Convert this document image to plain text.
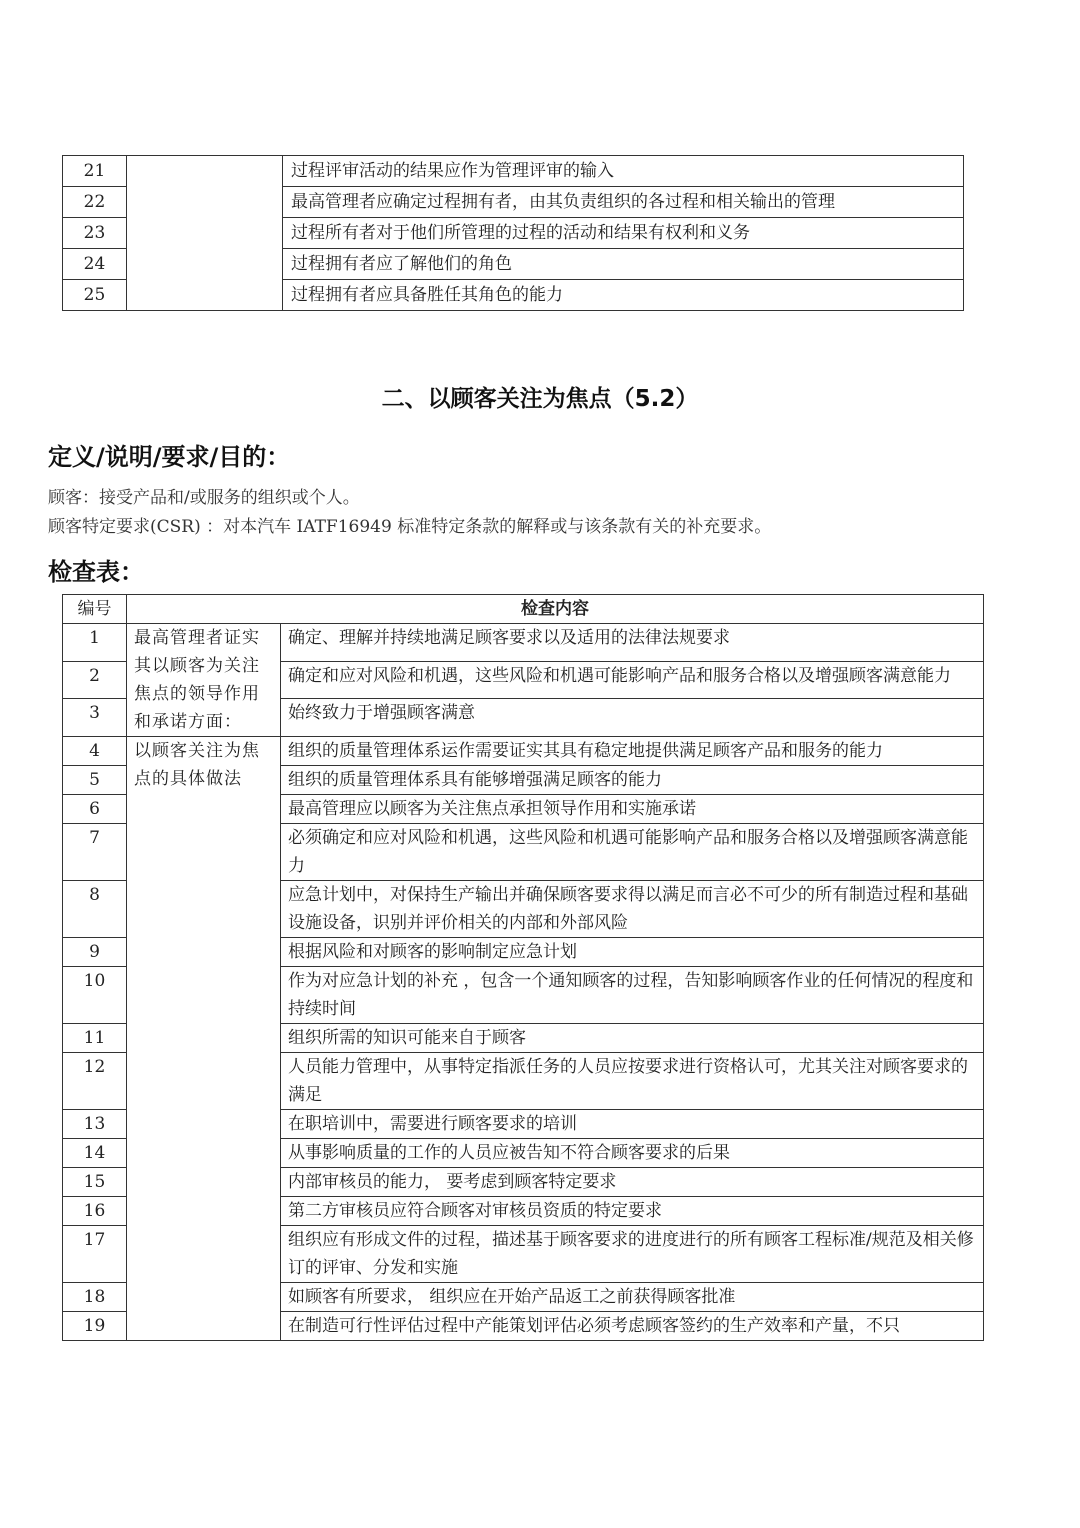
21		过程评审活动的结果应作为管理评审的输入
22		最高管理者应确定过程拥有者，由其负责组织的各过程和相关输出的管理
23		过程所有者对于他们所管理的过程的活动和结果有权利和义务
24		过程拥有者应了解他们的角色
25		过程拥有者应具备胜任其角色的能力
二、以顾客关注为焦点（5.2）
定义/说明/要求/目的：
顾客：接受产品和/或服务的组织或个人。
顾客特定要求(CSR) ：对本汽车 IATF16949 标准特定条款的解释或与该条款有关的补充要求。
检查表：
编号	检查内容	
1	最高管理者证实其以顾客为关注焦点的领导作用和承诺方面：	确定、理解并持续地满足顾客要求以及适用的法律法规要求
2		确定和应对风险和机遇，这些风险和机遇可能影响产品和服务合格以及增强顾客满意能力
3		始终致力于增强顾客满意
4	以顾客关注为焦点的具体做法	组织的质量管理体系运作需要证实其具有稳定地提供满足顾客产品和服务的能力
5		组织的质量管理体系具有能够增强满足顾客的能力
6		最高管理应以顾客为关注焦点承担领导作用和实施承诺
7		必须确定和应对风险和机遇，这些风险和机遇可能影响产品和服务合格以及增强顾客满意能力
8		应急计划中，对保持生产输出并确保顾客要求得以满足而言必不可少的所有制造过程和基础设施设备，识别并评价相关的内部和外部风险
9		根据风险和对顾客的影响制定应急计划
10		作为对应急计划的补充 ，包含一个通知顾客的过程，告知影响顾客作业的任何情况的程度和持续时间
11		组织所需的知识可能来自于顾客
12		人员能力管理中，从事特定指派任务的人员应按要求进行资格认可，尤其关注对顾客要求的满足
13		在职培训中，需要进行顾客要求的培训
14		从事影响质量的工作的人员应被告知不符合顾客要求的后果
15		内部审核员的能力， 要考虑到顾客特定要求
16		第二方审核员应符合顾客对审核员资质的特定要求
17		组织应有形成文件的过程，描述基于顾客要求的进度进行的所有顾客工程标准/规范及相关修订的评审、分发和实施
18		如顾客有所要求， 组织应在开始产品返工之前获得顾客批准
19		在制造可行性评估过程中产能策划评估必须考虑顾客签约的生产效率和产量，不只
